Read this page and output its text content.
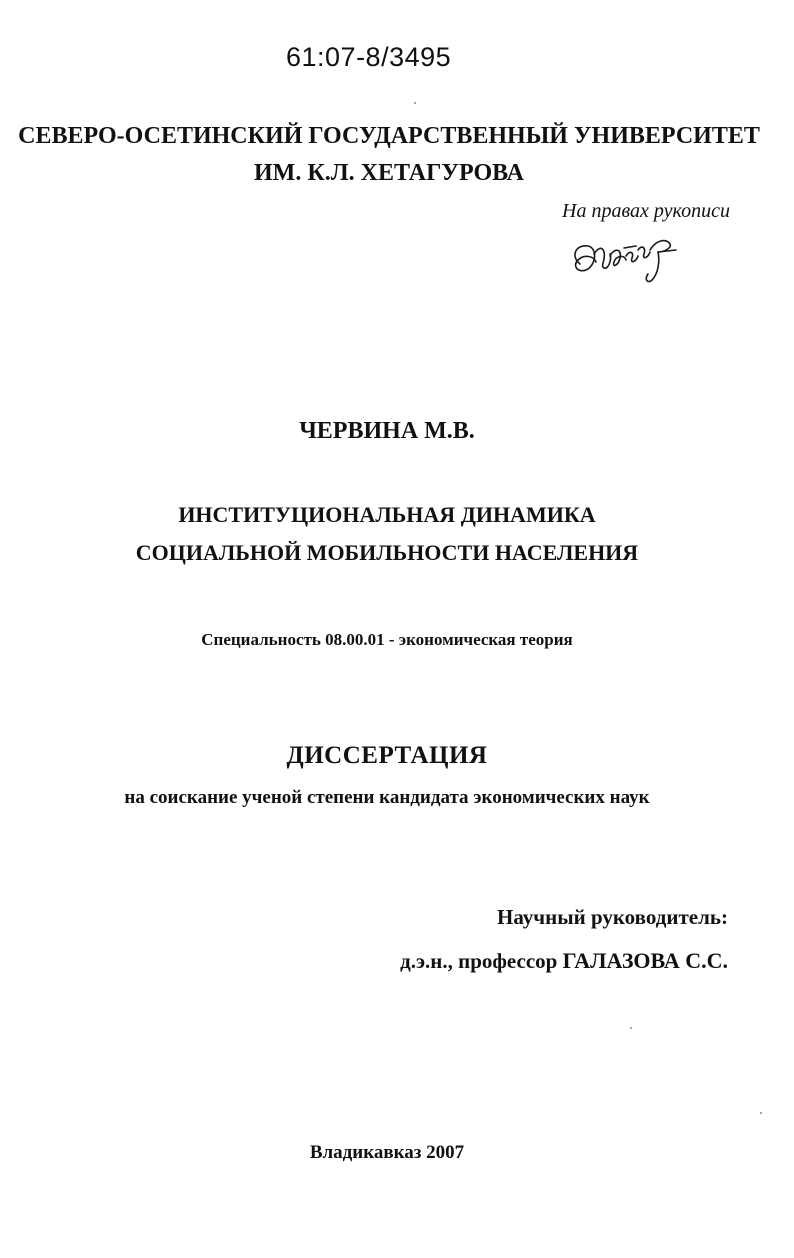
61:07-8/3495
СЕВЕРО-ОСЕТИНСКИЙ ГОСУДАРСТВЕННЫЙ УНИВЕРСИТЕТ
ИМ. К.Л. ХЕТАГУРОВА
На правах рукописи
ЧЕРВИНА М.В.
ИНСТИТУЦИОНАЛЬНАЯ ДИНАМИКА
СОЦИАЛЬНОЙ МОБИЛЬНОСТИ НАСЕЛЕНИЯ
Специальность 08.00.01 - экономическая теория
ДИССЕРТАЦИЯ
на соискание ученой степени кандидата экономических наук
Научный руководитель:
д.э.н., профессор ГАЛАЗОВА С.С.
Владикавказ 2007
